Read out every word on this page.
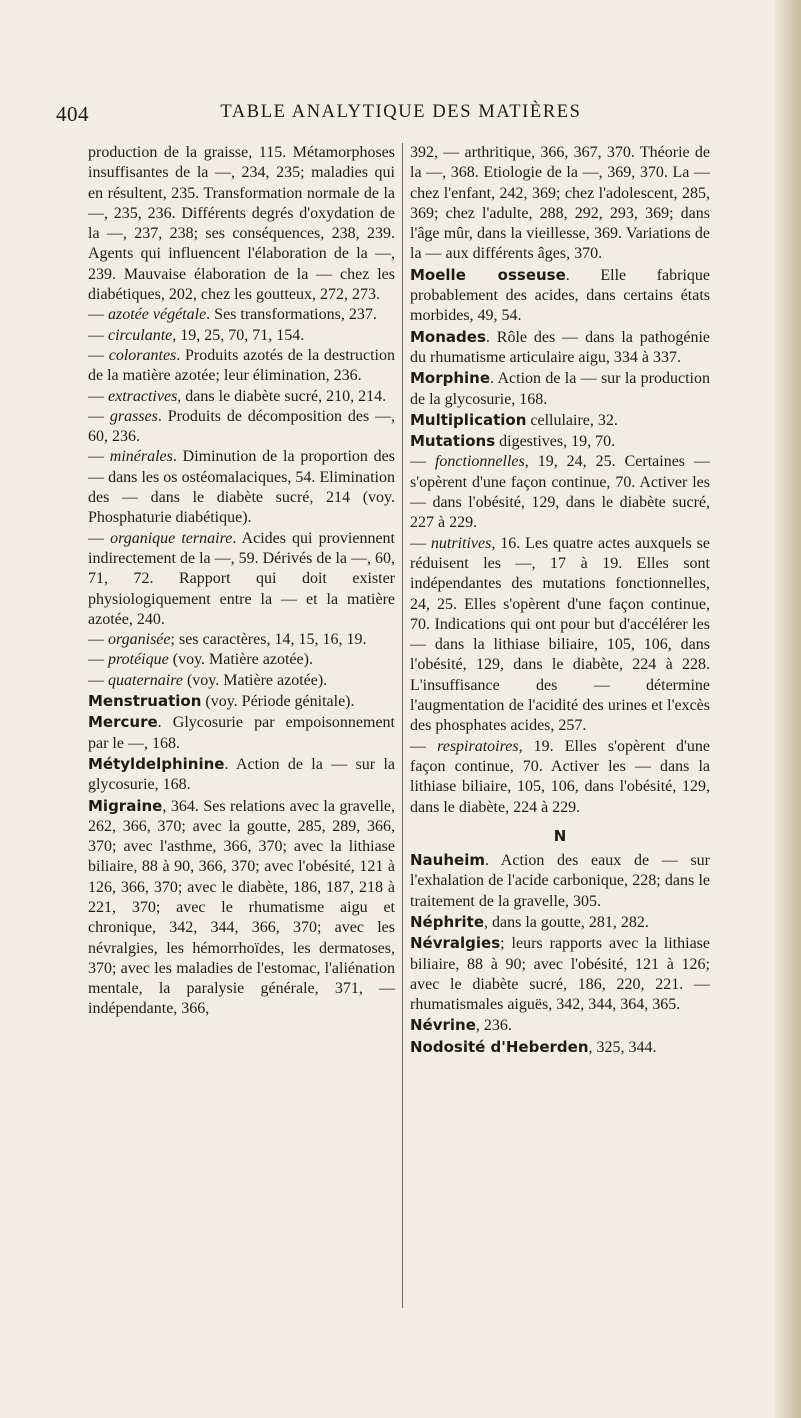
404	TABLE ANALYTIQUE DES MATIÈRES

production de la graisse, 115. Métamorphoses insuffisantes de la —, 234, 235; maladies qui en résultent, 235. Transformation normale de la —, 235, 236. Différents degrés d'oxydation de la —, 237, 238; ses conséquences, 238, 239. Agents qui influencent l'élaboration de la —, 239. Mauvaise élaboration de la — chez les diabétiques, 202, chez les goutteux, 272, 273.

— azotée végétale. Ses transformations, 237.

— circulante, 19, 25, 70, 71, 154.

— colorantes. Produits azotés de la destruction de la matière azotée; leur élimination, 236.

— extractives, dans le diabète sucré, 210, 214.

— grasses. Produits de décomposition des —, 60, 236.

— minérales. Diminution de la proportion des — dans les os ostéomalaciques, 54. Elimination des — dans le diabète sucré, 214 (voy. Phosphaturie diabétique).

— organique ternaire. Acides qui proviennent indirectement de la —, 59. Dérivés de la —, 60, 71, 72. Rapport qui doit exister physiologiquement entre la — et la matière azotée, 240.

— organisée; ses caractères, 14, 15, 16, 19.

— protéique (voy. Matière azotée).

— quaternaire (voy. Matière azotée).

Menstruation (voy. Période génitale).

Mercure. Glycosurie par empoisonnement par le —, 168.

Métyldelphinine. Action de la — sur la glycosurie, 168.

Migraine, 364. Ses relations avec la gravelle, 262, 366, 370; avec la goutte, 285, 289, 366, 370; avec l'asthme, 366, 370; avec la lithiase biliaire, 88 à 90, 366, 370; avec l'obésité, 121 à 126, 366, 370; avec le diabète, 186, 187, 218 à 221, 370; avec le rhumatisme aigu et chronique, 342, 344, 366, 370; avec les névralgies, les hémorrhoïdes, les dermatoses, 370; avec les maladies de l'estomac, l'aliénation mentale, la paralysie générale, 371, — indépendante, 366,

392, — arthritique, 366, 367, 370. Théorie de la —, 368. Etiologie de la —, 369, 370. La — chez l'enfant, 242, 369; chez l'adolescent, 285, 369; chez l'adulte, 288, 292, 293, 369; dans l'âge mûr, dans la vieillesse, 369. Variations de la — aux différents âges, 370.

Moelle osseuse. Elle fabrique probablement des acides, dans certains états morbides, 49, 54.

Monades. Rôle des — dans la pathogénie du rhumatisme articulaire aigu, 334 à 337.

Morphine. Action de la — sur la production de la glycosurie, 168.

Multiplication cellulaire, 32.

Mutations digestives, 19, 70.

— fonctionnelles, 19, 24, 25. Certaines — s'opèrent d'une façon continue, 70. Activer les — dans l'obésité, 129, dans le diabète sucré, 227 à 229.

— nutritives, 16. Les quatre actes auxquels se réduisent les —, 17 à 19. Elles sont indépendantes des mutations fonctionnelles, 24, 25. Elles s'opèrent d'une façon continue, 70. Indications qui ont pour but d'accélérer les — dans la lithiase biliaire, 105, 106, dans l'obésité, 129, dans le diabète, 224 à 228. L'insuffisance des — détermine l'augmentation de l'acidité des urines et l'excès des phosphates acides, 257.

— respiratoires, 19. Elles s'opèrent d'une façon continue, 70. Activer les — dans la lithiase biliaire, 105, 106, dans l'obésité, 129, dans le diabète, 224 à 229.

N

Nauheim. Action des eaux de — sur l'exhalation de l'acide carbonique, 228; dans le traitement de la gravelle, 305.

Néphrite, dans la goutte, 281, 282.

Névralgies; leurs rapports avec la lithiase biliaire, 88 à 90; avec l'obésité, 121 à 126; avec le diabète sucré, 186, 220, 221. — rhumatismales aiguës, 342, 344, 364, 365.

Névrine, 236.

Nodosité d'Heberden, 325, 344.
